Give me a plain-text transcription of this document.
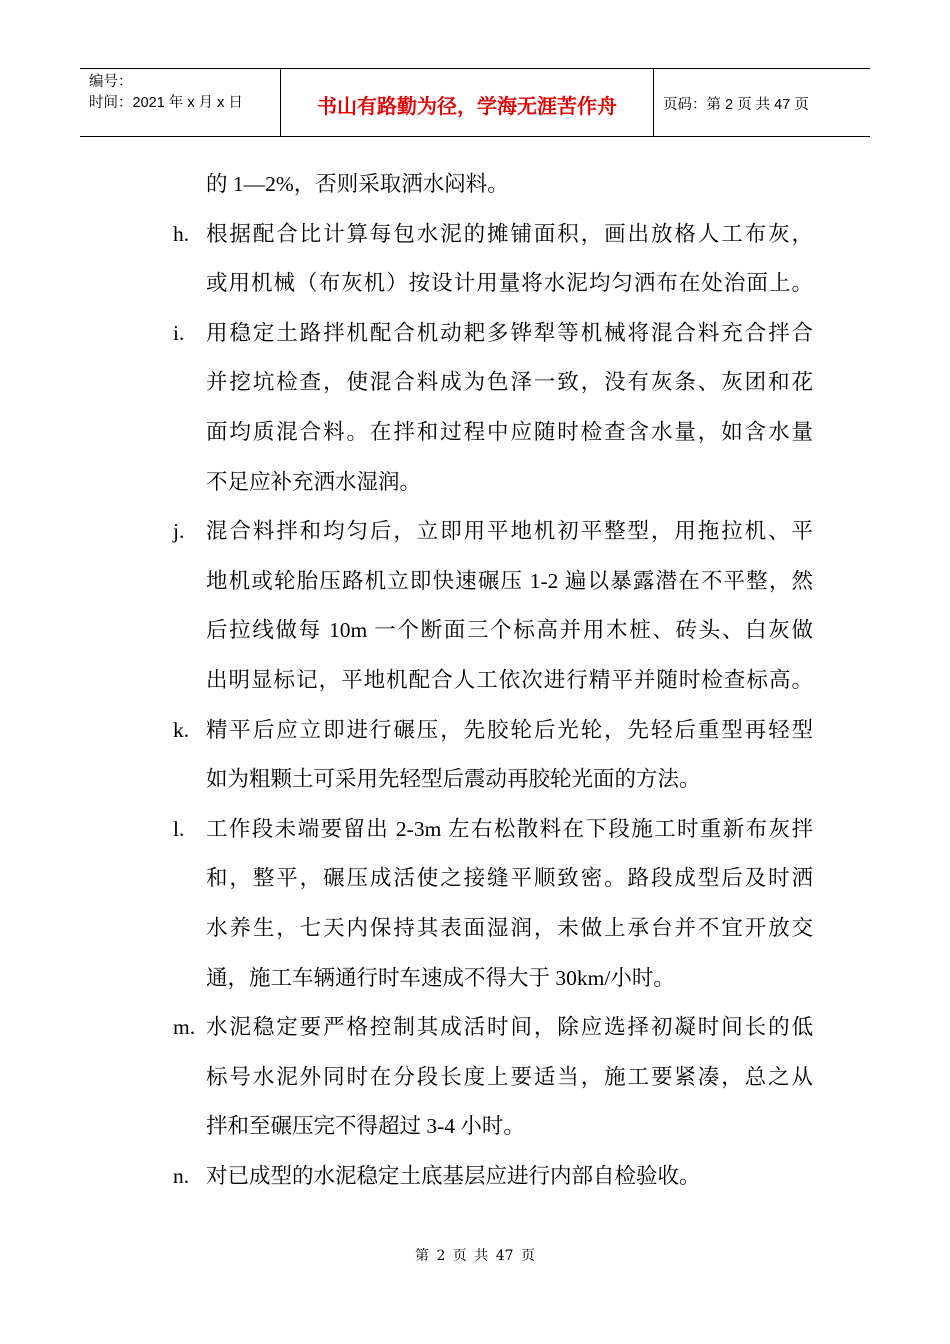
编号：
时间：2021 年 x 月 x 日	书山有路勤为径，学海无涯苦作舟	页码：第 2 页 共 47 页
的 1—2%，否则采取洒水闷料。
h. 根据配合比计算每包水泥的摊铺面积，画出放格人工布灰，
或用机械（布灰机）按设计用量将水泥均匀洒布在处治面上。
i. 用稳定土路拌机配合机动耙多铧犁等机械将混合料充合拌合
并挖坑检查，使混合料成为色泽一致，没有灰条、灰团和花
面均质混合料。在拌和过程中应随时检查含水量，如含水量
不足应补充洒水湿润。
j. 混合料拌和均匀后，立即用平地机初平整型，用拖拉机、平
地机或轮胎压路机立即快速碾压 1-2 遍以暴露潜在不平整，然
后拉线做每 10m 一个断面三个标高并用木桩、砖头、白灰做
出明显标记，平地机配合人工依次进行精平并随时检查标高。
k. 精平后应立即进行碾压，先胶轮后光轮，先轻后重型再轻型
如为粗颗土可采用先轻型后震动再胶轮光面的方法。
l. 工作段未端要留出 2-3m 左右松散料在下段施工时重新布灰拌
和，整平，碾压成活使之接缝平顺致密。路段成型后及时洒
水养生，七天内保持其表面湿润，未做上承台并不宜开放交
通，施工车辆通行时车速成不得大于 30km/小时。
m. 水泥稳定要严格控制其成活时间，除应选择初凝时间长的低
标号水泥外同时在分段长度上要适当，施工要紧凑，总之从
拌和至碾压完不得超过 3-4 小时。
n. 对已成型的水泥稳定土底基层应进行内部自检验收。
第 2 页 共 47 页
